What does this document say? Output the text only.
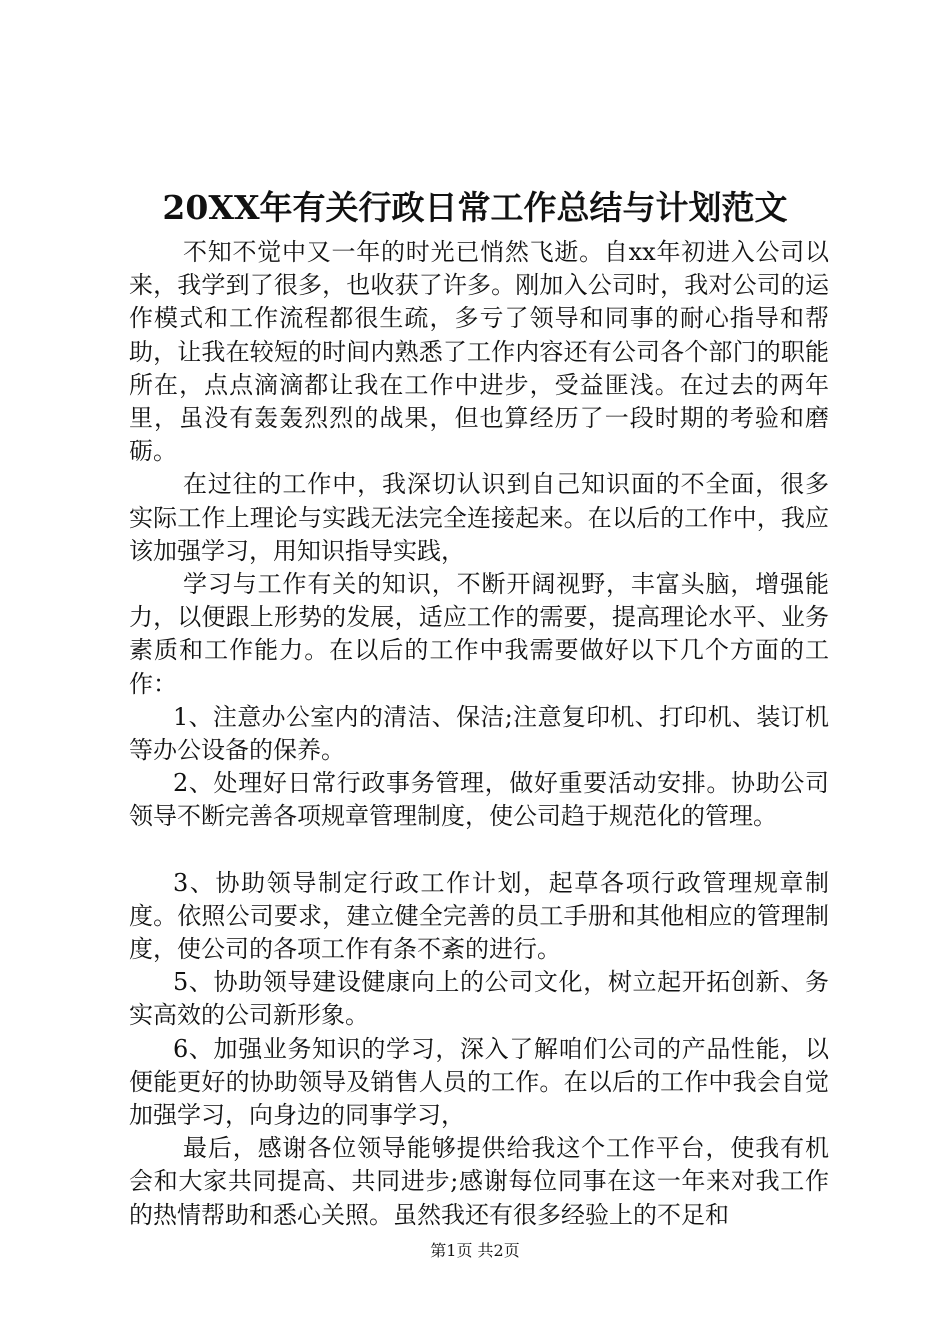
20XX年有关行政日常工作总结与计划范文

不知不觉中又一年的时光已悄然飞逝。自xx年初进入公司以来，我学到了很多，也收获了许多。刚加入公司时，我对公司的运作模式和工作流程都很生疏，多亏了领导和同事的耐心指导和帮助，让我在较短的时间内熟悉了工作内容还有公司各个部门的职能所在，点点滴滴都让我在工作中进步，受益匪浅。在过去的两年里，虽没有轰轰烈烈的战果，但也算经历了一段时期的考验和磨砺。

在过往的工作中，我深切认识到自己知识面的不全面，很多实际工作上理论与实践无法完全连接起来。在以后的工作中，我应该加强学习，用知识指导实践，

学习与工作有关的知识，不断开阔视野，丰富头脑，增强能力，以便跟上形势的发展，适应工作的需要，提高理论水平、业务素质和工作能力。在以后的工作中我需要做好以下几个方面的工作：

1、注意办公室内的清洁、保洁;注意复印机、打印机、装订机等办公设备的保养。

2、处理好日常行政事务管理，做好重要活动安排。协助公司领导不断完善各项规章管理制度，使公司趋于规范化的管理。

3、协助领导制定行政工作计划，起草各项行政管理规章制度。依照公司要求，建立健全完善的员工手册和其他相应的管理制度，使公司的各项工作有条不紊的进行。

5、协助领导建设健康向上的公司文化，树立起开拓创新、务实高效的公司新形象。

6、加强业务知识的学习，深入了解咱们公司的产品性能，以便能更好的协助领导及销售人员的工作。在以后的工作中我会自觉加强学习，向身边的同事学习，

最后，感谢各位领导能够提供给我这个工作平台，使我有机会和大家共同提高、共同进步;感谢每位同事在这一年来对我工作的热情帮助和悉心关照。虽然我还有很多经验上的不足和

第1页 共2页
